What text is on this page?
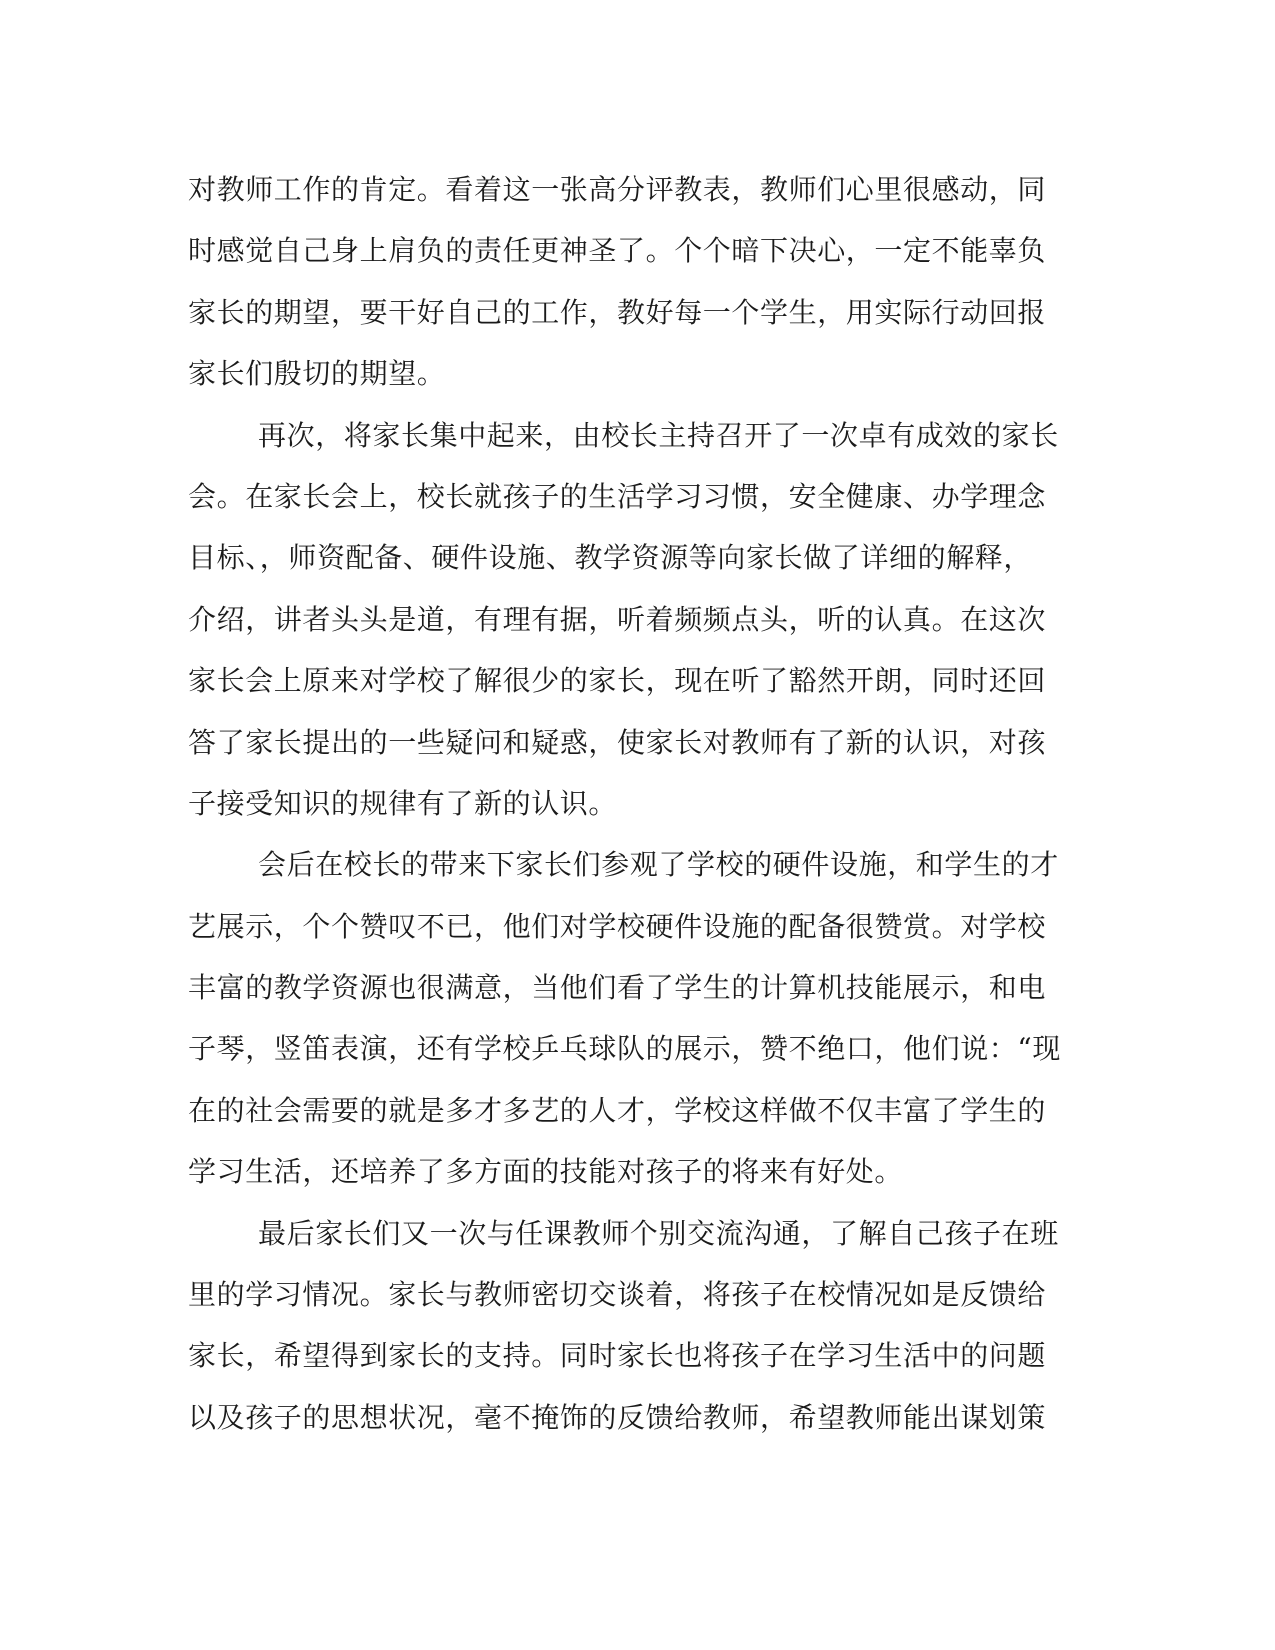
对教师工作的肯定。看着这一张高分评教表，教师们心里很感动，同
时感觉自己身上肩负的责任更神圣了。个个暗下决心，一定不能辜负
家长的期望，要干好自己的工作，教好每一个学生，用实际行动回报
家长们殷切的期望。
再次，将家长集中起来，由校长主持召开了一次卓有成效的家长
会。在家长会上，校长就孩子的生活学习习惯，安全健康、办学理念
目标、，师资配备、硬件设施、教学资源等向家长做了详细的解释，
介绍，讲者头头是道，有理有据，听着频频点头，听的认真。在这次
家长会上原来对学校了解很少的家长，现在听了豁然开朗，同时还回
答了家长提出的一些疑问和疑惑，使家长对教师有了新的认识，对孩
子接受知识的规律有了新的认识。
会后在校长的带来下家长们参观了学校的硬件设施，和学生的才
艺展示，个个赞叹不已，他们对学校硬件设施的配备很赞赏。对学校
丰富的教学资源也很满意，当他们看了学生的计算机技能展示，和电
子琴，竖笛表演，还有学校乒乓球队的展示，赞不绝口，他们说：“现
在的社会需要的就是多才多艺的人才，学校这样做不仅丰富了学生的
学习生活，还培养了多方面的技能对孩子的将来有好处。
最后家长们又一次与任课教师个别交流沟通，了解自己孩子在班
里的学习情况。家长与教师密切交谈着，将孩子在校情况如是反馈给
家长，希望得到家长的支持。同时家长也将孩子在学习生活中的问题
以及孩子的思想状况，毫不掩饰的反馈给教师，希望教师能出谋划策
